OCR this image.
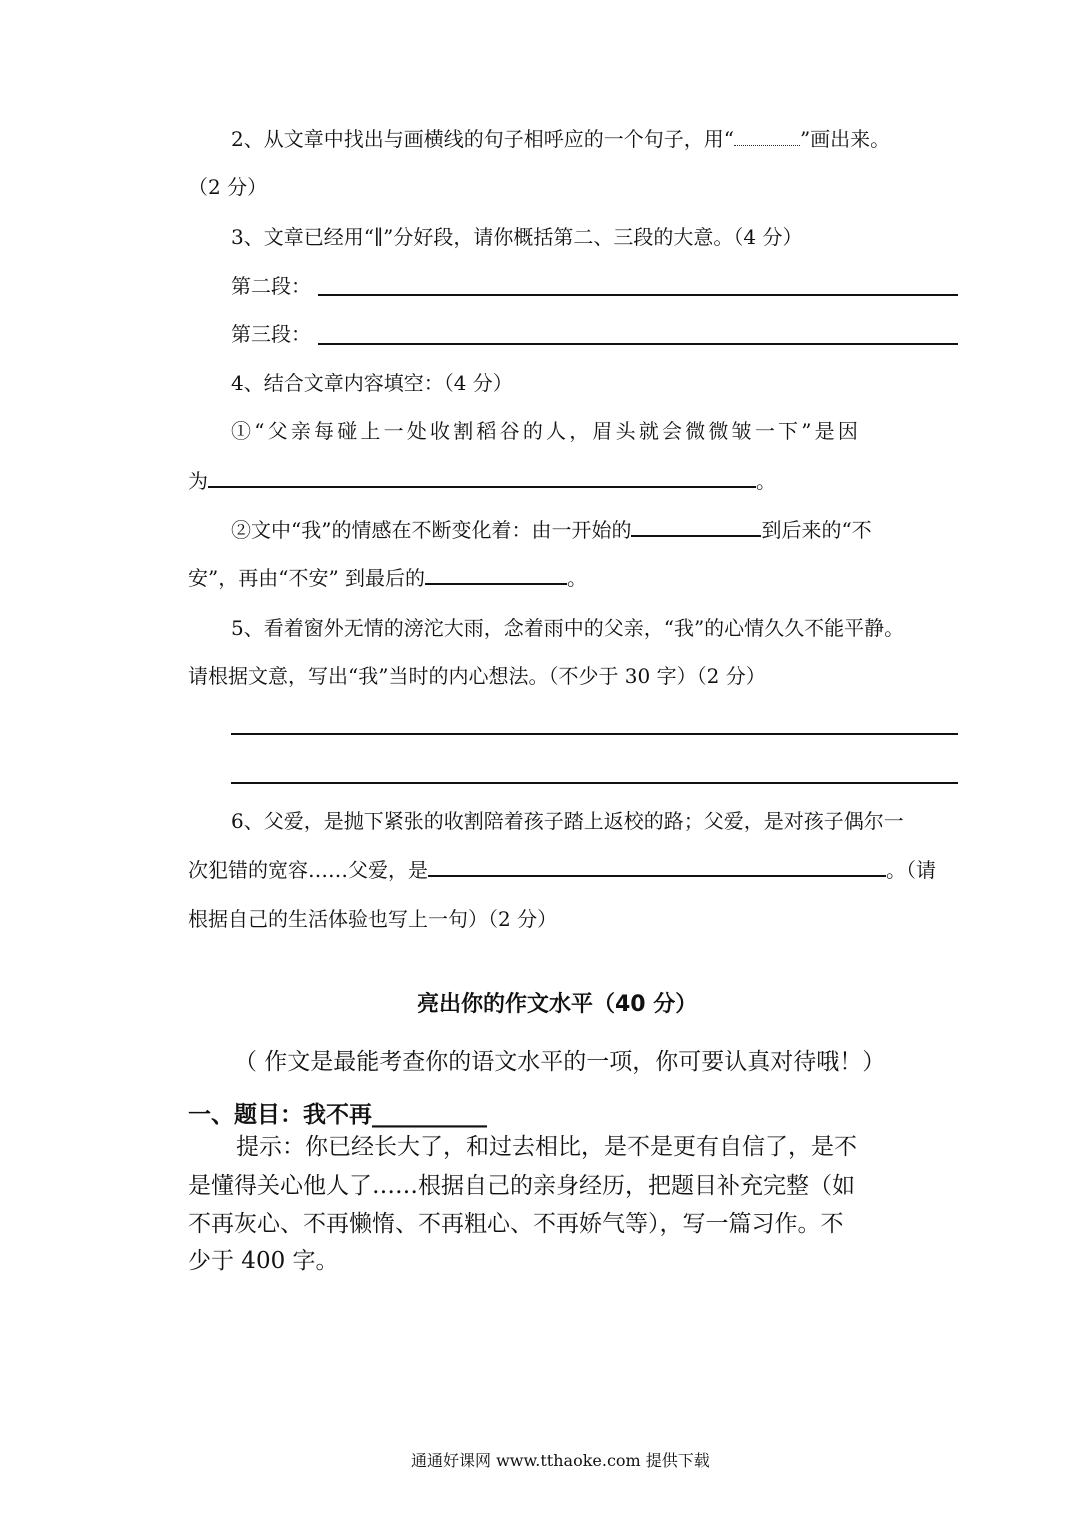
2、从文章中找出与画横线的句子相呼应的一个句子，用“	”画出来。
（2 分）
3、文章已经用“∥”分好段，请你概括第二、三段的大意。（4 分）
第二段：
第三段：
4、结合文章内容填空：（4 分）
①“父亲每碰上一处收割稻谷的人，眉头就会微微皱一下”是因
为	。
②文中“我”的情感在不断变化着：由一开始的	到后来的“不
安”，再由“不安” 到最后的	。
5、看着窗外无情的滂沱大雨，念着雨中的父亲，“我”的心情久久不能平静。
请根据文意，写出“我”当时的内心想法。（不少于 30 字）（2 分）
6、父爱，是抛下紧张的收割陪着孩子踏上返校的路；父爱，是对孩子偶尔一
次犯错的宽容……父爱，是	。（请
根据自己的生活体验也写上一句）（2 分）
亮出你的作文水平（40 分）
（ 作文是最能考查你的语文水平的一项，你可要认真对待哦！）
一、题目：我不再__________
提示：你已经长大了，和过去相比，是不是更有自信了，是不
是懂得关心他人了……根据自己的亲身经历，把题目补充完整（如
不再灰心、不再懒惰、不再粗心、不再娇气等），写一篇习作。不
少于 400 字。
通通好课网 www.tthaoke.com 提供下载
